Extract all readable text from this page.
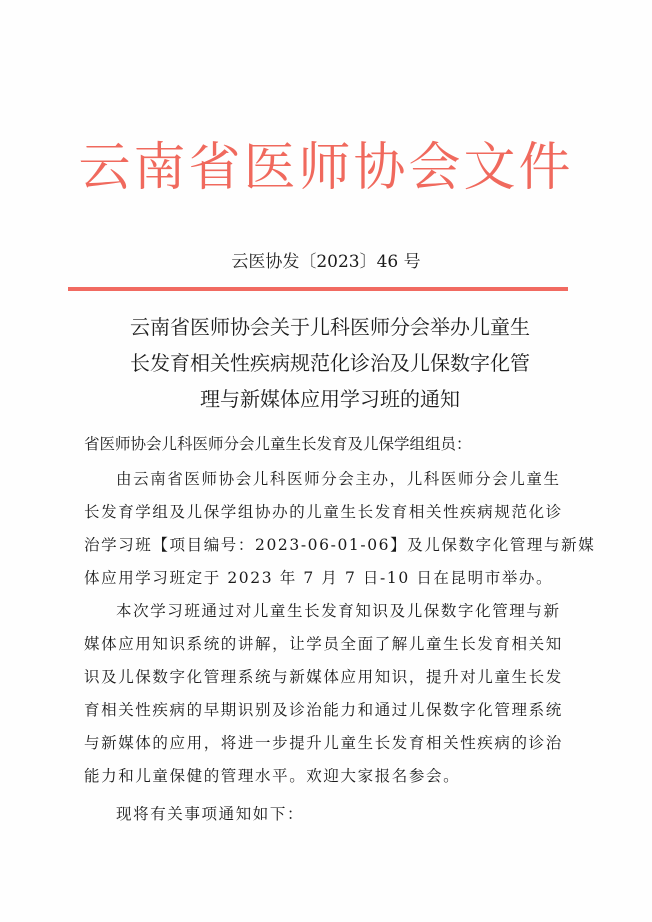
云南省医师协会文件
云医协发〔2023〕46 号
云南省医师协会关于儿科医师分会举办儿童生
长发育相关性疾病规范化诊治及儿保数字化管
理与新媒体应用学习班的通知
省医师协会儿科医师分会儿童生长发育及儿保学组组员：
由云南省医师协会儿科医师分会主办，儿科医师分会儿童生
长发育学组及儿保学组协办的儿童生长发育相关性疾病规范化诊
治学习班【项目编号：2023-06-01-06】及儿保数字化管理与新媒
体应用学习班定于 2023 年 7 月 7 日-10 日在昆明市举办。
本次学习班通过对儿童生长发育知识及儿保数字化管理与新
媒体应用知识系统的讲解，让学员全面了解儿童生长发育相关知
识及儿保数字化管理系统与新媒体应用知识，提升对儿童生长发
育相关性疾病的早期识别及诊治能力和通过儿保数字化管理系统
与新媒体的应用，将进一步提升儿童生长发育相关性疾病的诊治
能力和儿童保健的管理水平。欢迎大家报名参会。
现将有关事项通知如下：
